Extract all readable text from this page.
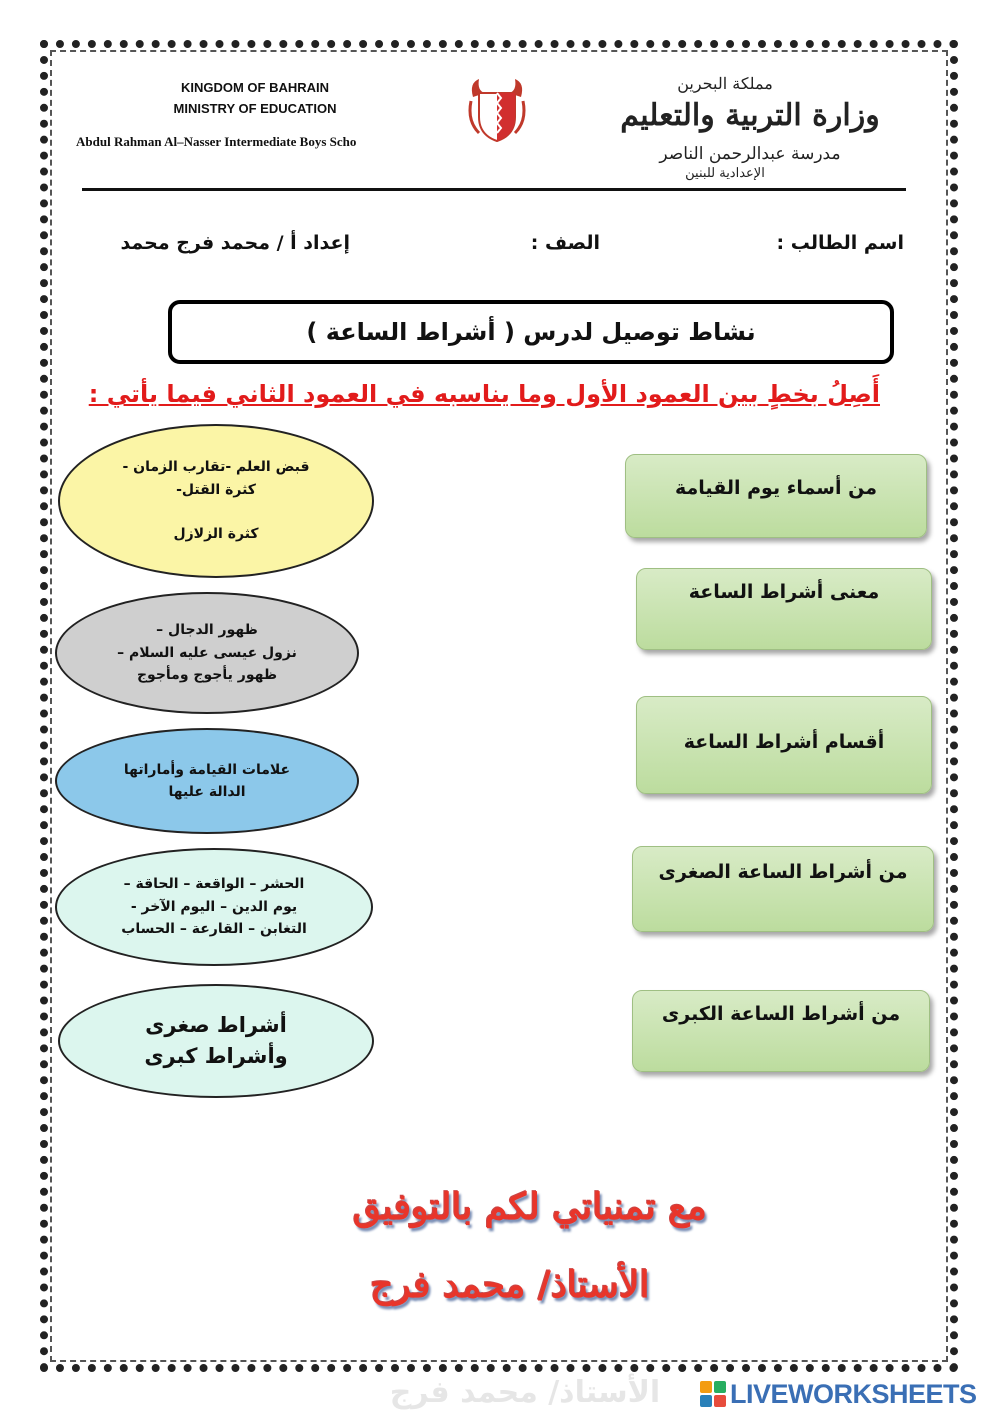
KINGDOM OF BAHRAIN
MINISTRY OF EDUCATION
Abdul Rahman Al–Nasser Intermediate Boys Scho
مملكة البحرين
وزارة التربية والتعليم
مدرسة عبدالرحمن الناصر
الإعدادية للبنين
اسم الطالب :
الصف :
إعداد أ / محمد فرج محمد
نشاط توصيل لدرس ( أشراط الساعة )
أَصِلُ بخطٍ بين العمود الأول وما يناسبه في العمود الثاني فيما يأتي :
قبض العلم -تقارب الزمان -
كثرة القتل-

كثرة الزلازل
ظهور الدجال –
نزول عيسى عليه السلام –
ظهور يأجوج ومأجوج
علامات القيامة وأماراتها
الدالة عليها
الحشر – الواقعة – الحاقة –
يوم الدين – اليوم الآخر -
التغابن – القارعة – الحساب
أشراط صغرى
وأشراط كبرى
من أسماء يوم القيامة
معنى أشراط الساعة
أقسام أشراط الساعة
من أشراط الساعة الصغرى
من أشراط الساعة الكبرى
مع تمنياتي لكم بالتوفيق
الأستاذ/ محمد فرج
الأستاذ/ محمد فرج	LIVEWORKSHEETS
